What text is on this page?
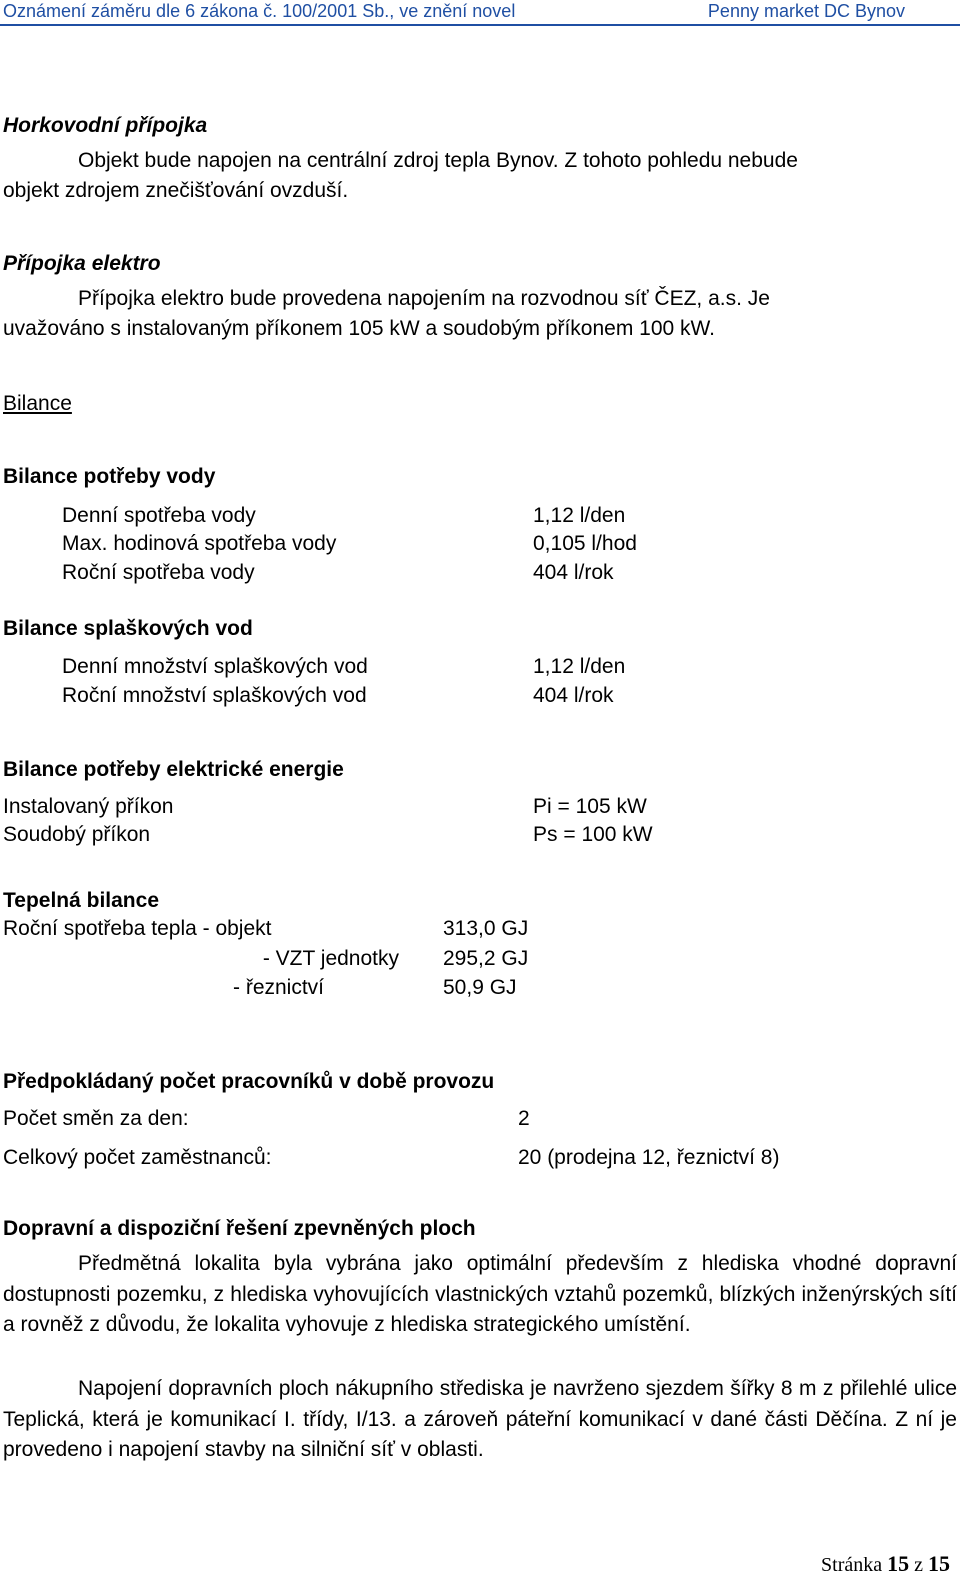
Oznámení záměru dle 6 zákona č. 100/2001 Sb., ve znění novel	Penny market DC Bynov
Horkovodní přípojka
Objekt bude napojen na centrální zdroj tepla Bynov. Z tohoto pohledu nebude
objekt zdrojem znečišťování ovzduší.
Přípojka elektro
Přípojka elektro bude provedena napojením na rozvodnou síť ČEZ, a.s. Je
uvažováno s instalovaným příkonem 105 kW a soudobým příkonem 100 kW.
Bilance
Bilance potřeby vody
Denní spotřeba vody	1,12 l/den
Max. hodinová spotřeba vody	0,105 l/hod
Roční spotřeba vody	404 l/rok
Bilance splaškových vod
Denní množství splaškových vod	1,12 l/den
Roční množství splaškových vod	404 l/rok
Bilance potřeby elektrické energie
Instalovaný příkon	Pi = 105 kW
Soudobý příkon	Ps = 100 kW
Tepelná bilance
Roční spotřeba tepla - objekt	313,0 GJ
- VZT jednotky 295,2 GJ
- řeznictví	50,9 GJ
Předpokládaný počet pracovníků v době provozu
Počet směn za den:	2
Celkový počet zaměstnanců:	20 (prodejna 12, řeznictví 8)
Dopravní a dispoziční řešení zpevněných ploch

Předmětná lokalita byla vybrána jako optimální především z hlediska vhodné dopravní dostupnosti pozemku, z hlediska vyhovujících vlastnických vztahů pozemků, blízkých inženýrských sítí a rovněž z důvodu, že lokalita vyhovuje z hlediska strategického umístění.

Napojení dopravních ploch nákupního střediska je navrženo sjezdem šířky 8 m z přilehlé ulice Teplická, která je komunikací I. třídy, I/13. a zároveň páteřní komunikací v dané části Děčína. Z ní je provedeno i napojení stavby na silniční síť v oblasti.

Stránka 15 z 15
